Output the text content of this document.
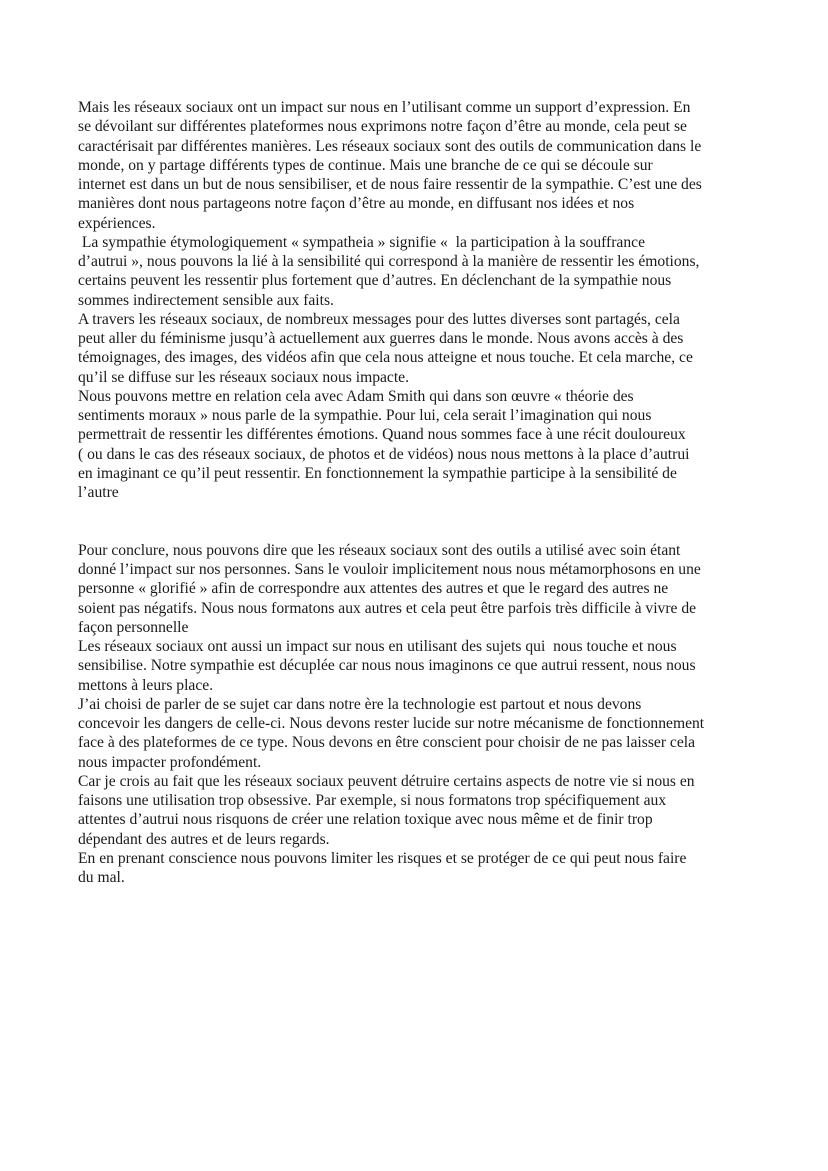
Mais les réseaux sociaux ont un impact sur nous en l’utilisant comme un support d’expression. En
se dévoilant sur différentes plateformes nous exprimons notre façon d’être au monde, cela peut se
caractérisait par différentes manières. Les réseaux sociaux sont des outils de communication dans le
monde, on y partage différents types de continue. Mais une branche de ce qui se découle sur
internet est dans un but de nous sensibiliser, et de nous faire ressentir de la sympathie. C’est une des
manières dont nous partageons notre façon d’être au monde, en diffusant nos idées et nos
expériences.
La sympathie étymologiquement « sympatheia » signifie «  la participation à la souffrance
d’autrui », nous pouvons la lié à la sensibilité qui correspond à la manière de ressentir les émotions,
certains peuvent les ressentir plus fortement que d’autres. En déclenchant de la sympathie nous
sommes indirectement sensible aux faits.
A travers les réseaux sociaux, de nombreux messages pour des luttes diverses sont partagés, cela
peut aller du féminisme jusqu’à actuellement aux guerres dans le monde. Nous avons accès à des
témoignages, des images, des vidéos afin que cela nous atteigne et nous touche. Et cela marche, ce
qu’il se diffuse sur les réseaux sociaux nous impacte.
Nous pouvons mettre en relation cela avec Adam Smith qui dans son œuvre « théorie des
sentiments moraux » nous parle de la sympathie. Pour lui, cela serait l’imagination qui nous
permettrait de ressentir les différentes émotions. Quand nous sommes face à une récit douloureux
( ou dans le cas des réseaux sociaux, de photos et de vidéos) nous nous mettons à la place d’autrui
en imaginant ce qu’il peut ressentir. En fonctionnement la sympathie participe à la sensibilité de
l’autre
Pour conclure, nous pouvons dire que les réseaux sociaux sont des outils a utilisé avec soin étant
donné l’impact sur nos personnes. Sans le vouloir implicitement nous nous métamorphosons en une
personne « glorifié » afin de correspondre aux attentes des autres et que le regard des autres ne
soient pas négatifs. Nous nous formatons aux autres et cela peut être parfois très difficile à vivre de
façon personnelle
Les réseaux sociaux ont aussi un impact sur nous en utilisant des sujets qui  nous touche et nous
sensibilise. Notre sympathie est décuplée car nous nous imaginons ce que autrui ressent, nous nous
mettons à leurs place.
J’ai choisi de parler de se sujet car dans notre ère la technologie est partout et nous devons
concevoir les dangers de celle-ci. Nous devons rester lucide sur notre mécanisme de fonctionnement
face à des plateformes de ce type. Nous devons en être conscient pour choisir de ne pas laisser cela
nous impacter profondément.
Car je crois au fait que les réseaux sociaux peuvent détruire certains aspects de notre vie si nous en
faisons une utilisation trop obsessive. Par exemple, si nous formatons trop spécifiquement aux
attentes d’autrui nous risquons de créer une relation toxique avec nous même et de finir trop
dépendant des autres et de leurs regards.
En en prenant conscience nous pouvons limiter les risques et se protéger de ce qui peut nous faire
du mal.
